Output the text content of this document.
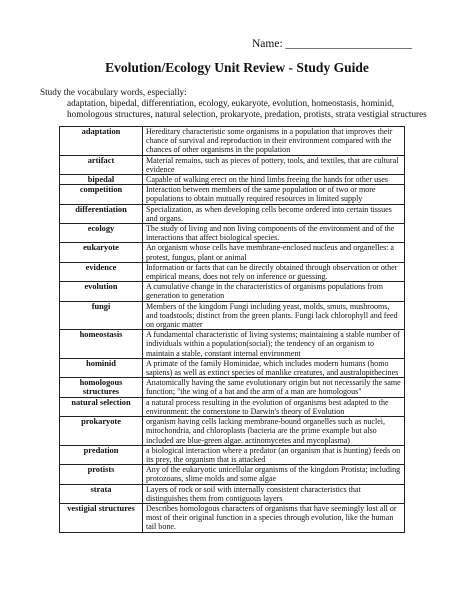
Name: ______________________
Evolution/Ecology Unit Review - Study Guide
Study the vocabulary words, especially:
adaptation, bipedal, differentiation, ecology, eukaryote, evolution, homeostasis, hominid, homologous structures, natural selection, prokaryote, predation, protists, strata vestigial structures
adaptation	Hereditary characteristic some organisms in a population that improves their chance of survival and reproduction in their environment compared with the chances of other organisms in the population
artifact	Material remains, such as pieces of pottery, tools, and textiles, that are cultural evidence
bipedal	Capable of walking erect on the hind limbs freeing the hands for other uses
competition	Interaction between members of the same population or of two or more populations to obtain mutually required resources in limited supply
differentiation	Specialization, as when developing cells become ordered into certain tissues and organs.
ecology	The study of living and non living components of the environment and of the interactions that affect biological species.
eukaryote	An organism whose cells have membrane-enclosed nucleus and organelles: a protest, fungus, plant or animal
evidence	Information or facts that can be directly obtained through observation or other empirical means, does not rely on inference or guessing.
evolution	A cumulative change in the characteristics of organisms populations from generation to generation
fungi	Members of the kingdom Fungi including yeast, molds, smuts, mushrooms, and toadstools; distinct from the green plants. Fungi lack chlorophyll and feed on organic matter
homeostasis	A fundamental characteristic of living systems; maintaining a stable number of individuals within a population(social); the tendency of an organism to maintain a stable, constant internal environment
hominid	A primate of the family Hominidae, which includes modern humans (homo sapiens) as well as extinct species of manlike creatures, and australopithecines
homologous structures	Anatomically having the same evolutionary origin but not necessarily the same function; "the wing of a bat and the arm of a man are homologous"
natural selection	a natural process resulting in the evolution of organisms best adapted to the environment: the cornerstone to Darwin's theory of Evolution
prokaryote	organism having cells lacking membrane-bound organelles such as nuclei, mitochondria, and chloroplasts (bacteria are the prime example but also included are blue-green algae. actinomycetes and mycoplasma)
predation	a biological interaction where a predator (an organism that is hunting) feeds on its prey, the organism that is attacked
protists	Any of the eukaryotic unicellular organisms of the kingdom Protista; including protozoans, slime molds and some algae
strata	Layers of rock or soil with internally consistent characteristics that distinguishes them from contiguous layers
vestigial structures	Describes homologous characters of organisms that have seemingly lost all or most of their original function in a species through evolution, like the human tail bone.
